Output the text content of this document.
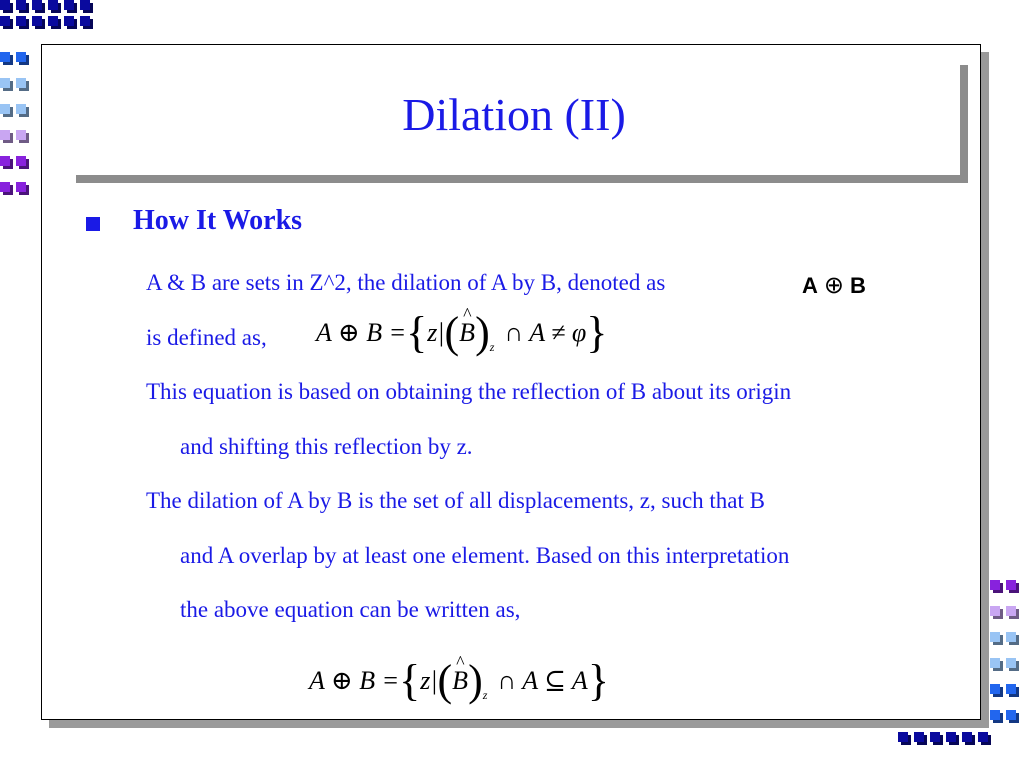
Dilation (II)
How It Works
A & B are sets in Z^2, the dilation of A by B, denoted as	A ⊕ B
is defined as, A ⊕ B = { z| ( ^ B ) z ∩ A ≠ φ }
This equation is based on obtaining the reflection of B about its origin
and shifting this reflection by z.
The dilation of A by B is the set of all displacements, z, such that B
and A overlap by at least one element. Based on this interpretation
the above equation can be written as,
A ⊕ B = { z| ( ^ B ) z ∩ A ⊆ A }
